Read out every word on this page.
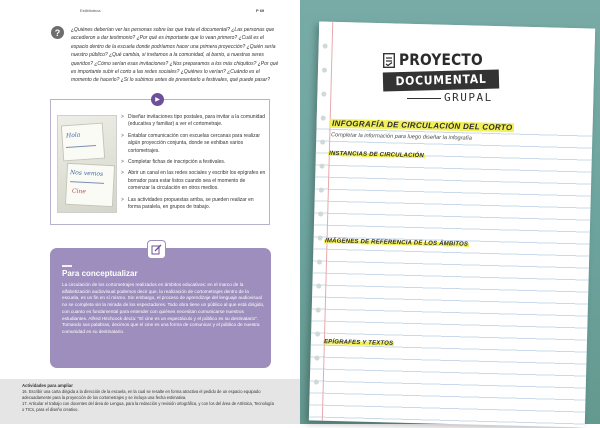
Estiblioteca	P 69
?	¿Quiénes deberían ver las personas sobre las que trata el documental? ¿Las personas que accedieron a dar testimonio? ¿Por qué es importante que lo vean primero? ¿Cuál es el espacio dentro de la escuela donde podríamos hacer una primera proyección? ¿Quién sería nuestro público? ¿Qué cambia, si invitamos a la comunidad, al barrio, a nuestras seres queridos? ¿Cómo serían esas invitaciones? ¿Nos preparamos a los más chiquitos? ¿Por qué es importante subir el corto a las redes sociales? ¿Quiénes lo verían? ¿Cuándo es el momento de hacerlo? ¿Si lo subimos antes de presentarlo a festivales, qué puede pasar?
▶
Hola
Nos vemos
Cine
> Diseñar invitaciones tipo postales, para invitar a la comunidad (educativa y familiar) a ver el cortometraje.
> Entablar comunicación con escuelas cercanas para realizar algún proyección conjunta, donde se exhiban varios cortometrajes.
> Completar fichas de inscripción a festivales.
> Abrir un canal en las redes sociales y escribir los epígrafes en borrador para estar listos cuando sea el momento de comenzar la circulación en otros medios.
> Las actividades propuestas arriba, se pueden realizar en forma paralela, en grupos de trabajo.
Para conceptualizar
La circulación de los cortometrajes realizados en ámbitos educativos: en el marco de la alfabetización audiovisual podemos decir que, la realización de cortometrajes dentro de la escuela, es un fin en sí mismo. Sin embargo, el proceso de aprendizaje del lenguaje audiovisual no se completa sin la mirada de los espectadores. Todo obra tiene un público al que está dirigido, con cuanto es fundamental para entender con quiénes necesitan comunicarse nuestros estudiantes. Alfred Hitchcock decía: "El cine es un espectáculo y el público es su destinatario". Tomando sus palabras, decimos que el cine es una forma de comunicar y el público de nuestra comunidad es su destinatario.
Actividades para ampliar
16. Escribir una carta dirigida a la dirección de la escuela, en la cual se resalte en forma atractiva el pedido de un espacio equipado adecuadamente para la proyección de los cortometrajes y se incluya una fecha estimativa.
17. Articular el trabajo con docentes del área de Lengua, para la redacción y revisión ortográfica, y con los del área de Artística, Tecnología o TICs, para el diseño creativo.
PROYECTO
DOCUMENTAL
GRUPAL
INFOGRAFÍA DE CIRCULACIÓN DEL CORTO
Completar la información para luego diseñar la infografía
INSTANCIAS DE CIRCULACIÓN
IMÁGENES DE REFERENCIA DE LOS ÁMBITOS
EPÍGRAFES Y TEXTOS
